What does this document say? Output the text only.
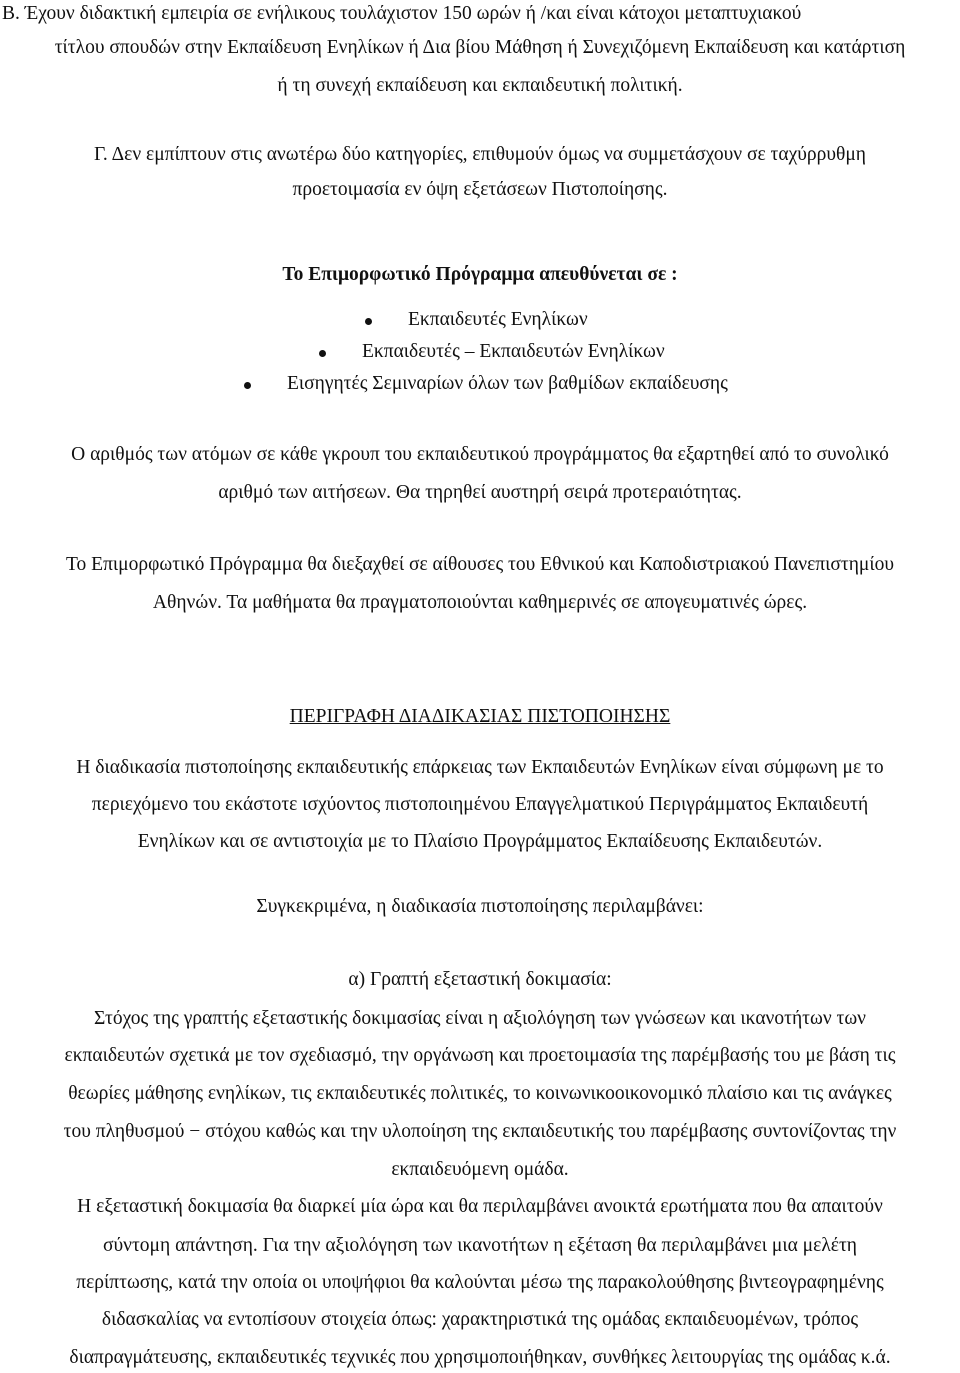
Β. Έχουν διδακτική εμπειρία σε ενήλικους τουλάχιστον 150 ωρών ή /και είναι κάτοχοι μεταπτυχιακού
τίτλου σπουδών στην Εκπαίδευση Ενηλίκων ή Δια βίου Μάθηση ή Συνεχιζόμενη Εκπαίδευση και κατάρτιση
ή τη συνεχή εκπαίδευση και εκπαιδευτική πολιτική.
Γ. Δεν εμπίπτουν στις ανωτέρω δύο κατηγορίες, επιθυμούν όμως να συμμετάσχουν σε ταχύρρυθμη
προετοιμασία εν όψη εξετάσεων Πιστοποίησης.
Το Επιμορφωτικό Πρόγραμμα απευθύνεται σε :
Εκπαιδευτές Ενηλίκων
Εκπαιδευτές – Εκπαιδευτών Ενηλίκων
Εισηγητές Σεμιναρίων όλων των βαθμίδων εκπαίδευσης
Ο αριθμός των ατόμων σε κάθε γκρουπ του εκπαιδευτικού προγράμματος θα εξαρτηθεί από το συνολικό
αριθμό των αιτήσεων. Θα τηρηθεί αυστηρή σειρά προτεραιότητας.
Το Επιμορφωτικό Πρόγραμμα θα διεξαχθεί σε αίθουσες του Εθνικού και Καποδιστριακού Πανεπιστημίου
Αθηνών. Τα μαθήματα θα πραγματοποιούνται καθημερινές σε απογευματινές ώρες.
ΠΕΡΙΓΡΑΦΗ ΔΙΑΔΙΚΑΣΙΑΣ ΠΙΣΤΟΠΟΙΗΣΗΣ
Η διαδικασία πιστοποίησης εκπαιδευτικής επάρκειας των Εκπαιδευτών Ενηλίκων είναι σύμφωνη με το
περιεχόμενο του εκάστοτε ισχύοντος πιστοποιημένου Επαγγελματικού Περιγράμματος Εκπαιδευτή
Ενηλίκων και σε αντιστοιχία με το Πλαίσιο Προγράμματος Εκπαίδευσης Εκπαιδευτών.
Συγκεκριμένα, η διαδικασία πιστοποίησης περιλαμβάνει:
α) Γραπτή εξεταστική δοκιμασία:
Στόχος της γραπτής εξεταστικής δοκιμασίας είναι η αξιολόγηση των γνώσεων και ικανοτήτων των
εκπαιδευτών σχετικά με τον σχεδιασμό, την οργάνωση και προετοιμασία της παρέμβασής του με βάση τις
θεωρίες μάθησης ενηλίκων, τις εκπαιδευτικές πολιτικές, το κοινωνικοοικονομικό πλαίσιο και τις ανάγκες
του πληθυσμού − στόχου καθώς και την υλοποίηση της εκπαιδευτικής του παρέμβασης συντονίζοντας την
εκπαιδευόμενη ομάδα.
Η εξεταστική δοκιμασία θα διαρκεί μία ώρα και θα περιλαμβάνει ανοικτά ερωτήματα που θα απαιτούν
σύντομη απάντηση. Για την αξιολόγηση των ικανοτήτων η εξέταση θα περιλαμβάνει μια μελέτη
περίπτωσης, κατά την οποία οι υποψήφιοι θα καλούνται μέσω της παρακολούθησης βιντεογραφημένης
διδασκαλίας να εντοπίσουν στοιχεία όπως: χαρακτηριστικά της ομάδας εκπαιδευομένων, τρόπος
διαπραγμάτευσης, εκπαιδευτικές τεχνικές που χρησιμοποιήθηκαν, συνθήκες λειτουργίας της ομάδας κ.ά.
